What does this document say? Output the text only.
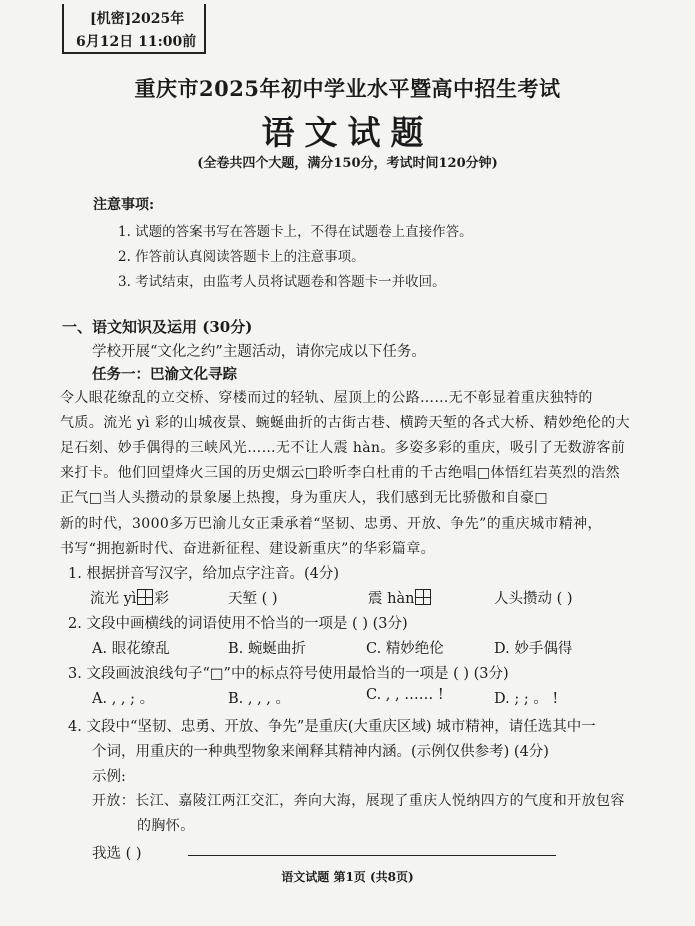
[机密]2025年
6月12日 11:00前
重庆市2025年初中学业水平暨高中招生考试
语文试题
(全卷共四个大题，满分150分，考试时间120分钟)
注意事项:
1. 试题的答案书写在答题卡上，不得在试题卷上直接作答。
2. 作答前认真阅读答题卡上的注意事项。
3. 考试结束，由监考人员将试题卷和答题卡一并收回。
一、语文知识及运用 (30分)
学校开展“文化之约”主题活动，请你完成以下任务。
任务一：巴渝文化寻踪
令人眼花缭乱的立交桥、穿楼而过的轻轨、屋顶上的公路……无不彰显着重庆独特的
气质。流光 yì 彩的山城夜景、蜿蜒曲折的古街古巷、横跨天堑的各式大桥、精妙绝伦的大
足石刻、妙手偶得的三峡风光……无不让人震 hàn。多姿多彩的重庆，吸引了无数游客前
来打卡。他们回望烽火三国的历史烟云□聆听李白杜甫的千古绝唱□体悟红岩英烈的浩然
正气□当人头攒动的景象屡上热搜，身为重庆人，我们感到无比骄傲和自豪□
新的时代，3000多万巴渝儿女正秉承着“坚韧、忠勇、开放、争先”的重庆城市精神，
书写“拥抱新时代、奋进新征程、建设新重庆”的华彩篇章。
1. 根据拼音写汉字，给加点字注音。(4分)
流光 yì 彩	天堑 ( )	震 hàn	人头攒动 ( )
2. 文段中画横线的词语使用不恰当的一项是 ( ) (3分)
A. 眼花缭乱	B. 蜿蜒曲折	C. 精妙绝伦	D. 妙手偶得
3. 文段画波浪线句子“□”中的标点符号使用最恰当的一项是 ( ) (3分)
A. , , ; 。	B. , , , 。	C. , , …… !	D. ; ; 。 !
4. 文段中“坚韧、忠勇、开放、争先”是重庆(大重庆区域) 城市精神，请任选其中一
个词，用重庆的一种典型物象来阐释其精神内涵。(示例仅供参考) (4分)
示例:
开放：长江、嘉陵江两江交汇，奔向大海，展现了重庆人悦纳四方的气度和开放包容
的胸怀。
我选 ( )
语文试题 第1页 (共8页)
